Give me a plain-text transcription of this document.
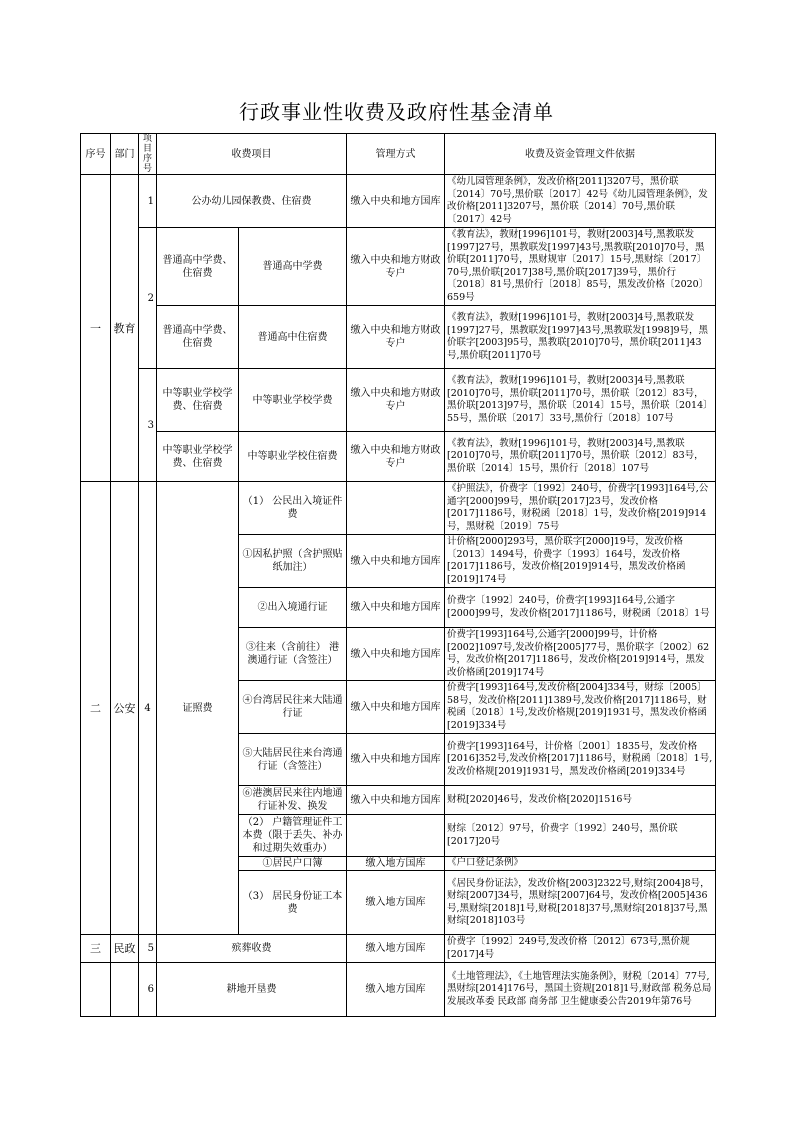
行政事业性收费及政府性基金清单
序号	部门	项目序号	收费项目		管理方式	收费及资金管理文件依据
一	教育	1	公办幼儿园保教费、住宿费		缴入中央和地方国库	《幼儿园管理条例》，发改价格[2011]3207号，黑价联〔2014〕70号,黑价联〔2017〕42号《幼儿园管理条例》，发改价格[2011]3207号，黑价联〔2014〕70号,黑价联〔2017〕42号
		2	普通高中学费、住宿费	普通高中学费	缴入中央和地方财政专户	《教育法》，教财[1996]101号，教财[2003]4号,黑教联发[1997]27号，黑教联发[1997]43号,黑教联[2010]70号，黑价联[2011]70号，黑财规审〔2017〕15号,黑财综〔2017〕70号,黑价联[2017]38号,黑价联[2017]39号，黑价行〔2018〕81号,黑价行〔2018〕85号，黑发改价格〔2020〕659号
			普通高中学费、住宿费	普通高中住宿费	缴入中央和地方财政专户	《教育法》，教财[1996]101号，教财[2003]4号,黑教联发[1997]27号，黑教联发[1997]43号,黑教联发[1998]9号，黑价联字[2003]95号，黑教联[2010]70号，黑价联[2011]43号,黑价联[2011]70号
		3	中等职业学校学费、住宿费	中等职业学校学费	缴入中央和地方财政专户	《教育法》，教财[1996]101号，教财[2003]4号,黑教联[2010]70号，黑价联[2011]70号，黑价联〔2012〕83号，黑价联[2013]97号，黑价联〔2014〕15号，黑价联〔2014〕55号，黑价联〔2017〕33号,黑价行〔2018〕107号
			中等职业学校学费、住宿费	中等职业学校住宿费	缴入中央和地方财政专户	《教育法》，教财[1996]101号，教财[2003]4号,黑教联[2010]70号，黑价联[2011]70号，黑价联〔2012〕83号，黑价联〔2014〕15号，黑价行〔2018〕107号
二	公安	4	证照费	（1） 公民出入境证件费		《护照法》，价费字〔1992〕240号，价费字[1993]164号,公通字[2000]99号，黑价联[2017]23号，发改价格[2017]1186号，财税函〔2018〕1号，发改价格[2019]914号，黑财税〔2019〕75号
				①因私护照（含护照贴纸加注）	缴入中央和地方国库	计价格[2000]293号，黑价联字[2000]19号，发改价格〔2013〕1494号，价费字〔1993〕164号，发改价格[2017]1186号，发改价格[2019]914号，黑发改价格函[2019]174号
				②出入境通行证	缴入中央和地方国库	价费字〔1992〕240号，价费字[1993]164号,公通字[2000]99号，发改价格[2017]1186号，财税函〔2018〕1号
				③往来（含前往） 港澳通行证（含签注）	缴入中央和地方国库	价费字[1993]164号,公通字[2000]99号，计价格[2002]1097号,发改价格[2005]77号，黑价联字〔2002〕62号，发改价格[2017]1186号，发改价格[2019]914号，黑发改价格函[2019]174号
				④台湾居民往来大陆通行证	缴入中央和地方国库	价费字[1993]164号,发改价格[2004]334号，财综〔2005〕58号，发改价格[2011]1389号,发改价格[2017]1186号，财税函〔2018〕1号,发改价格规[2019]1931号，黑发改价格函[2019]334号
				⑤大陆居民往来台湾通行证（含签注）	缴入中央和地方国库	价费字[1993]164号，计价格〔2001〕1835号，发改价格[2016]352号,发改价格[2017]1186号，财税函〔2018〕1号,发改价格规[2019]1931号，黑发改价格函[2019]334号
				⑥港澳居民来往内地通行证补发、换发	缴入中央和地方国库	财税[2020]46号，发改价格[2020]1516号
				（2） 户籍管理证件工本费（限于丢失、补办和过期失效重办）		财综〔2012〕97号，价费字〔1992〕240号，黑价联[2017]20号
				①居民户口簿	缴入地方国库	《户口登记条例》
				（3） 居民身份证工本费	缴入地方国库	《居民身份证法》，发改价格[2003]2322号,财综[2004]8号，财综[2007]34号，黑财综[2007]64号，发改价格[2005]436号,黑财综[2018]1号,财税[2018]37号,黑财综[2018]37号,黑财综[2018]103号
三	民政	5	殡葬收费		缴入地方国库	价费字〔1992〕249号,发改价格〔2012〕673号,黑价规[2017]4号
		6	耕地开垦费		缴入地方国库	《土地管理法》，《土地管理法实施条例》，财税〔2014〕77号,黑财综[2014]176号，黑国土资规[2018]1号,财政部 税务总局 发展改革委 民政部 商务部 卫生健康委公告2019年第76号
